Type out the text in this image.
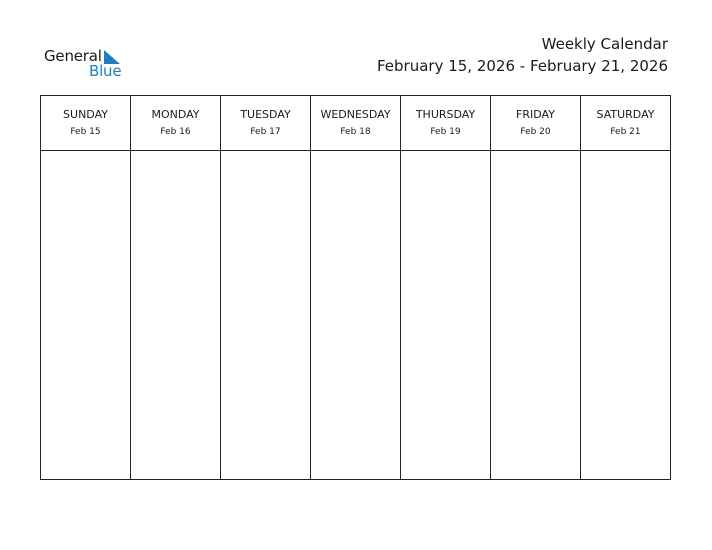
General
Blue
Weekly Calendar
February 15, 2026 - February 21, 2026
SUNDAY
Feb 15
MONDAY
Feb 16
TUESDAY
Feb 17
WEDNESDAY
Feb 18
THURSDAY
Feb 19
FRIDAY
Feb 20
SATURDAY
Feb 21
